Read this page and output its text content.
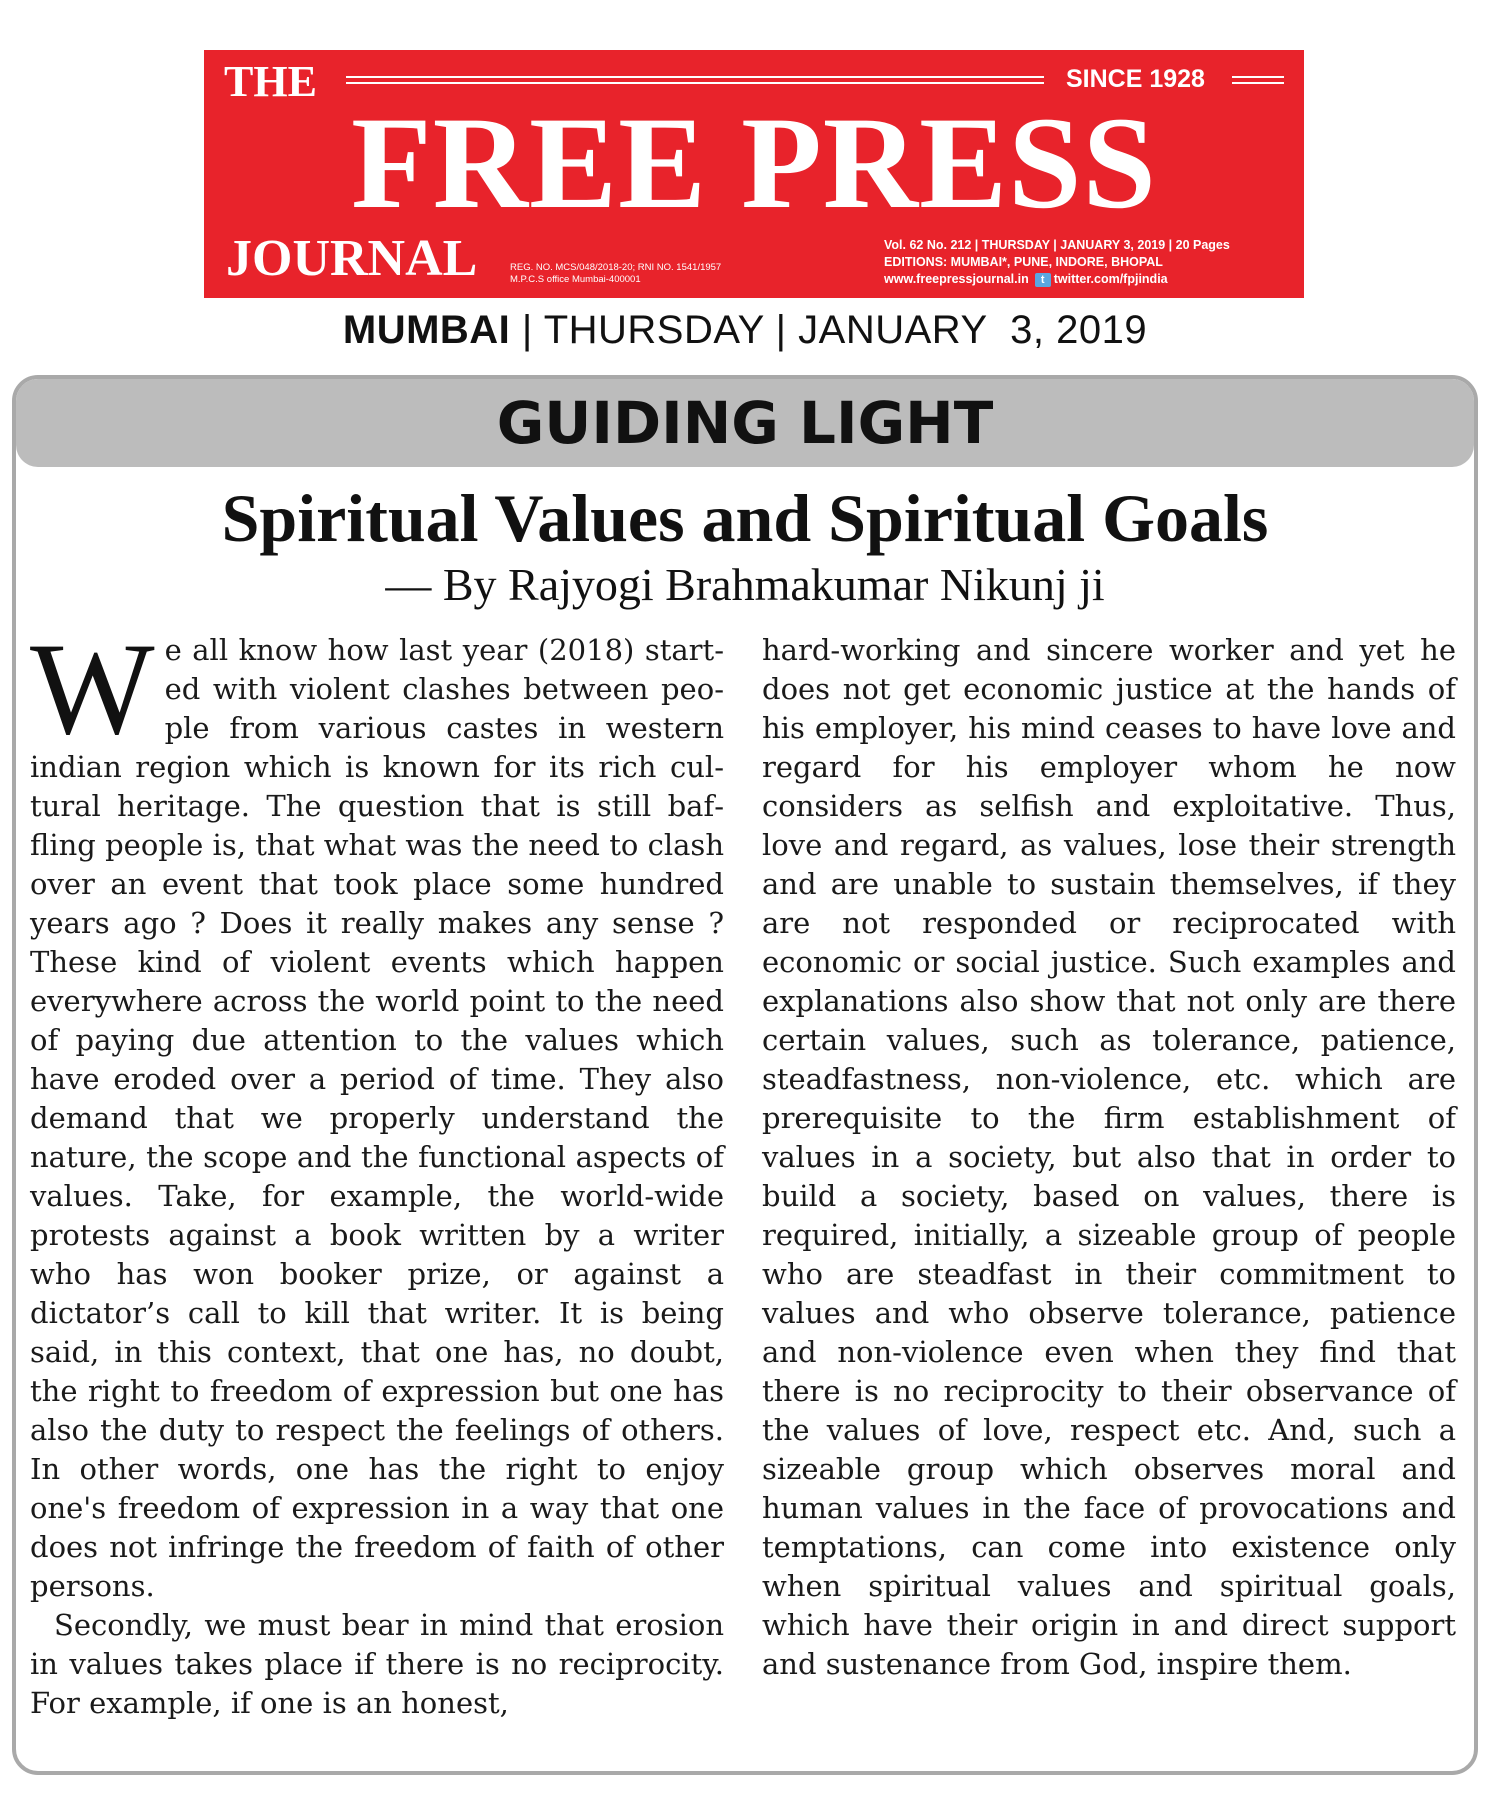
THE	SINCE 1928
FREE PRESS
JOURNAL	REG. NO. MCS/048/2018-20; RNI NO. 1541/1957
M.P.C.S office Mumbai-400001
Vol. 62 No. 212 | THURSDAY | JANUARY 3, 2019 | 20 Pages
EDITIONS: MUMBAI*, PUNE, INDORE, BHOPAL
www.freepressjournal.in t twitter.com/fpjindia
MUMBAI | THURSDAY | JANUARY  3, 2019
GUIDING LIGHT
Spiritual Values and Spiritual Goals
— By Rajyogi Brahmakumar Nikunj ji

We all know how last year (2018) started with violent clashes between people from various castes in western indian region which is known for its rich cultural heritage. The question that is still baffling people is, that what was the need to clash over an event that took place some hundred years ago ? Does it really makes any sense ? These kind of violent events which happen everywhere across the world point to the need of paying due attention to the values which have eroded over a period of time. They also demand that we properly understand the nature, the scope and the functional aspects of values. Take, for example, the world-wide protests against a book written by a writer who has won booker prize, or against a dictator’s call to kill that writer. It is being said, in this context, that one has, no doubt, the right to freedom of expression but one has also the duty to respect the feelings of others. In other words, one has the right to enjoy one's freedom of expression in a way that one does not infringe the freedom of faith of other persons.

Secondly, we must bear in mind that erosion in values takes place if there is no reciprocity. For example, if one is an honest,

hard-working and sincere worker and yet he does not get economic justice at the hands of his employer, his mind ceases to have love and regard for his employer whom he now considers as selfish and exploitative. Thus, love and regard, as values, lose their strength and are unable to sustain themselves, if they are not responded or reciprocated with economic or social justice. Such examples and explanations also show that not only are there certain values, such as tolerance, patience, steadfastness, non-violence, etc. which are prerequisite to the firm establishment of values in a society, but also that in order to build a society, based on values, there is required, initially, a sizeable group of people who are steadfast in their commitment to values and who observe tolerance, patience and non-violence even when they find that there is no reciprocity to their observance of the values of love, respect etc. And, such a sizeable group which observes moral and human values in the face of provocations and temptations, can come into existence only when spiritual values and spiritual goals, which have their origin in and direct support and sustenance from God, inspire them.
